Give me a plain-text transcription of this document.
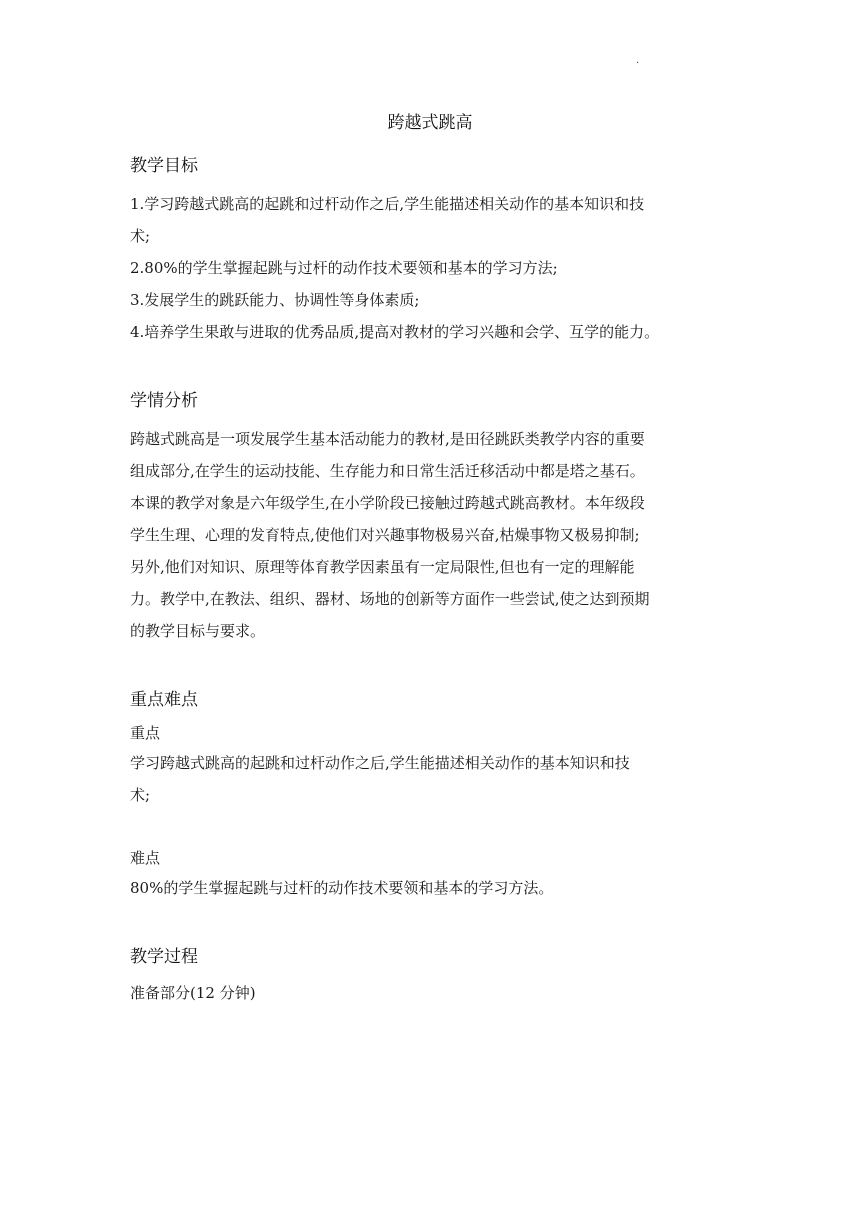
·
跨越式跳高
教学目标

1.学习跨越式跳高的起跳和过杆动作之后,学生能描述相关动作的基本知识和技

术;

2.80%的学生掌握起跳与过杆的动作技术要领和基本的学习方法;

3.发展学生的跳跃能力、协调性等身体素质;

4.培养学生果敢与进取的优秀品质,提高对教材的学习兴趣和会学、互学的能力。

学情分析

跨越式跳高是一项发展学生基本活动能力的教材,是田径跳跃类教学内容的重要

组成部分,在学生的运动技能、生存能力和日常生活迁移活动中都是塔之基石。

本课的教学对象是六年级学生,在小学阶段已接触过跨越式跳高教材。本年级段

学生生理、心理的发育特点,使他们对兴趣事物极易兴奋,枯燥事物又极易抑制;

另外,他们对知识、原理等体育教学因素虽有一定局限性,但也有一定的理解能

力。教学中,在教法、组织、器材、场地的创新等方面作一些尝试,使之达到预期

的教学目标与要求。

重点难点

重点

学习跨越式跳高的起跳和过杆动作之后,学生能描述相关动作的基本知识和技

术;

难点

80%的学生掌握起跳与过杆的动作技术要领和基本的学习方法。

教学过程

准备部分(12 分钟)
